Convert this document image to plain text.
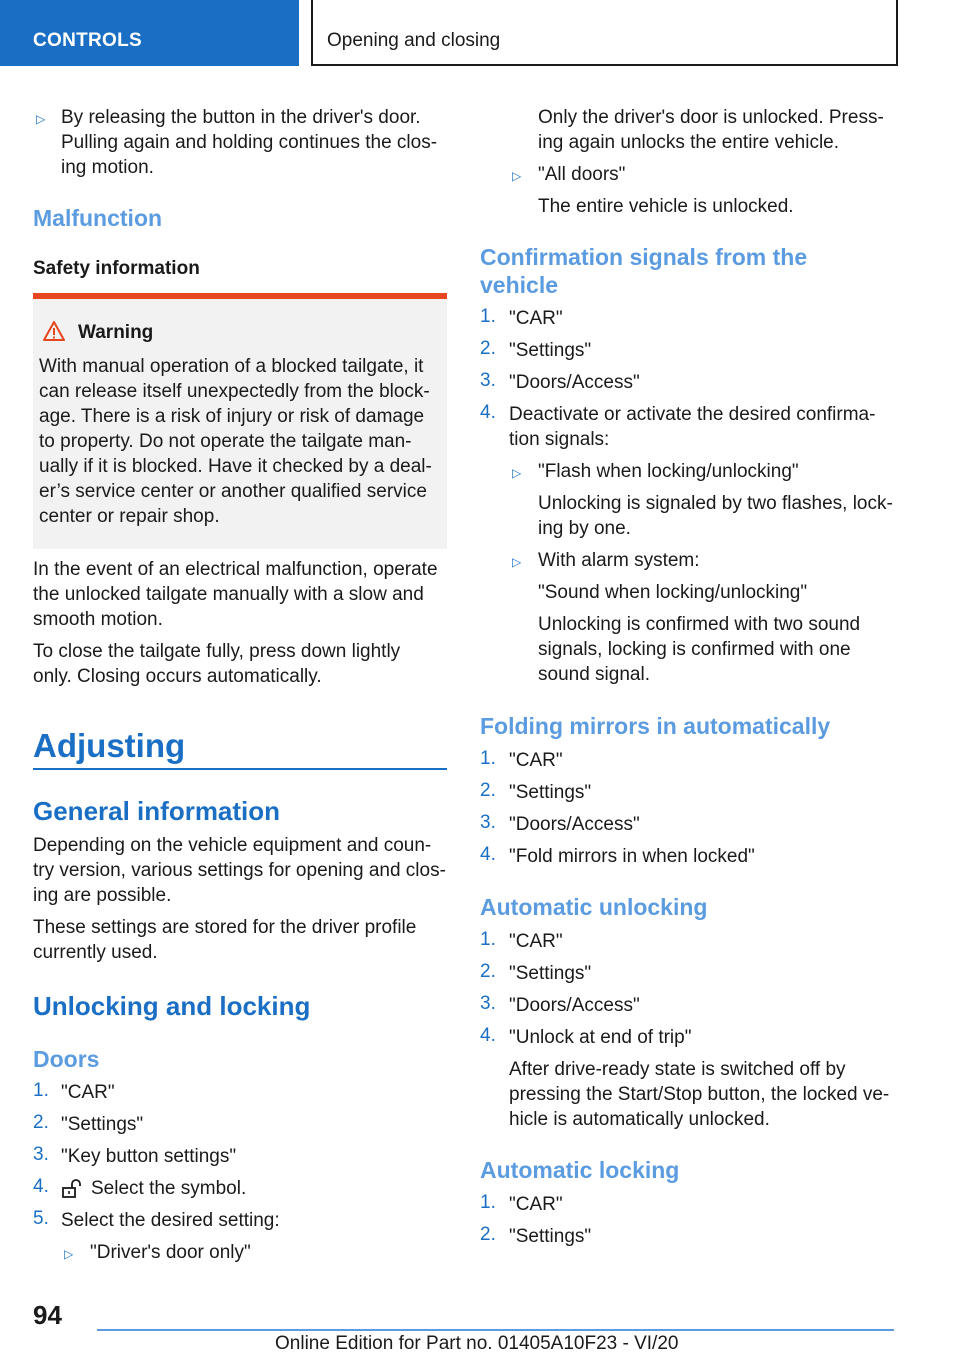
CONTROLS	Opening and closing
▷ By releasing the button in the driver's door.

Pulling again and holding continues the clos-

ing motion.

Malfunction
Safety information

Warning

With manual operation of a blocked tailgate, it

can release itself unexpectedly from the block-

age. There is a risk of injury or risk of damage

to property. Do not operate the tailgate man-

ually if it is blocked. Have it checked by a deal-

er’s service center or another qualified service

center or repair shop.

In the event of an electrical malfunction, operate

the unlocked tailgate manually with a slow and

smooth motion.

To close the tailgate fully, press down lightly

only. Closing occurs automatically.

Adjusting
General information

Depending on the vehicle equipment and coun-

try version, various settings for opening and clos-

ing are possible.

These settings are stored for the driver profile

currently used.

Unlocking and locking
Doors
1. "CAR"

2. "Settings"

3. "Key button settings"

4. Select the symbol.

5. Select the desired setting:

▷ "Driver's door only"

Only the driver's door is unlocked. Press-

ing again unlocks the entire vehicle.

▷ "All doors"

The entire vehicle is unlocked.

Confirmation signals from the
vehicle
1. "CAR"

2. "Settings"

3. "Doors/Access"

4. Deactivate or activate the desired confirma-

tion signals:

▷ "Flash when locking/unlocking"

Unlocking is signaled by two flashes, lock-

ing by one.

▷ With alarm system:

"Sound when locking/unlocking"

Unlocking is confirmed with two sound

signals, locking is confirmed with one

sound signal.

Folding mirrors in automatically
1. "CAR"

2. "Settings"

3. "Doors/Access"

4. "Fold mirrors in when locked"

Automatic unlocking
1. "CAR"

2. "Settings"

3. "Doors/Access"

4. "Unlock at end of trip"

After drive-ready state is switched off by

pressing the Start/Stop button, the locked ve-

hicle is automatically unlocked.

Automatic locking
1. "CAR"

2. "Settings"

94
Online Edition for Part no. 01405A10F23 - VI/20
